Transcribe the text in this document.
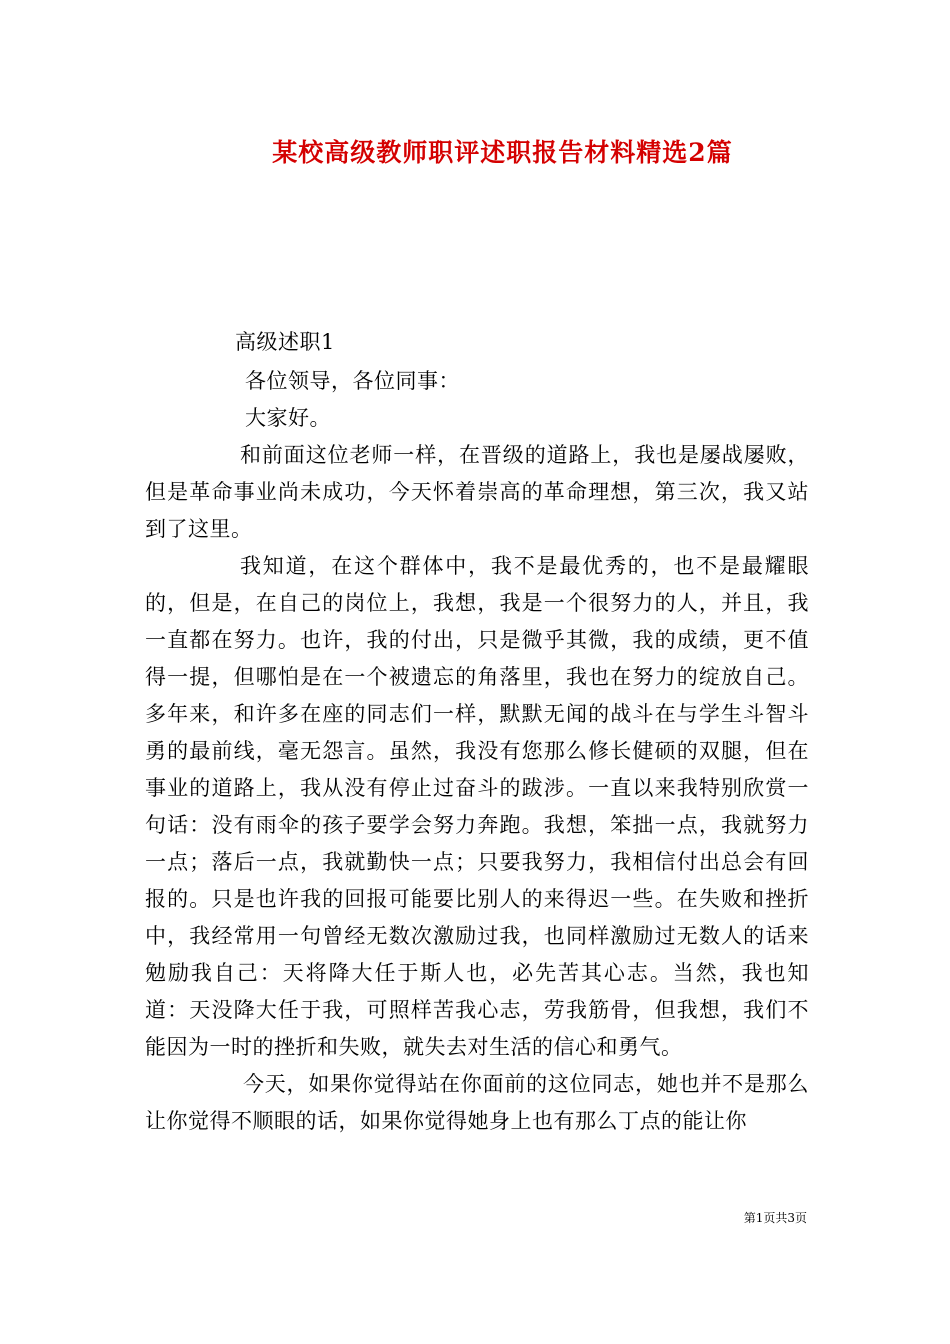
某校高级教师职评述职报告材料精选2篇

高级述职1

各位领导，各位同事：

大家好。

和前面这位老师一样，在晋级的道路上，我也是屡战屡败，但是革命事业尚未成功，今天怀着崇高的革命理想，第三次，我又站到了这里。

我知道，在这个群体中，我不是最优秀的，也不是最耀眼的，但是，在自己的岗位上，我想，我是一个很努力的人，并且，我一直都在努力。也许，我的付出，只是微乎其微，我的成绩，更不值得一提，但哪怕是在一个被遗忘的角落里，我也在努力的绽放自己。多年来，和许多在座的同志们一样，默默无闻的战斗在与学生斗智斗勇的最前线，毫无怨言。虽然，我没有您那么修长健硕的双腿，但在事业的道路上，我从没有停止过奋斗的跋涉。一直以来我特别欣赏一句话：没有雨伞的孩子要学会努力奔跑。我想，笨拙一点，我就努力一点；落后一点，我就勤快一点；只要我努力，我相信付出总会有回报的。只是也许我的回报可能要比别人的来得迟一些。在失败和挫折中，我经常用一句曾经无数次激励过我，也同样激励过无数人的话来勉励我自己：天将降大任于斯人也，必先苦其心志。当然，我也知道：天没降大任于我，可照样苦我心志，劳我筋骨，但我想，我们不能因为一时的挫折和失败，就失去对生活的信心和勇气。

今天，如果你觉得站在你面前的这位同志，她也并不是那么让你觉得不顺眼的话，如果你觉得她身上也有那么丁点的能让你

第1页共3页
